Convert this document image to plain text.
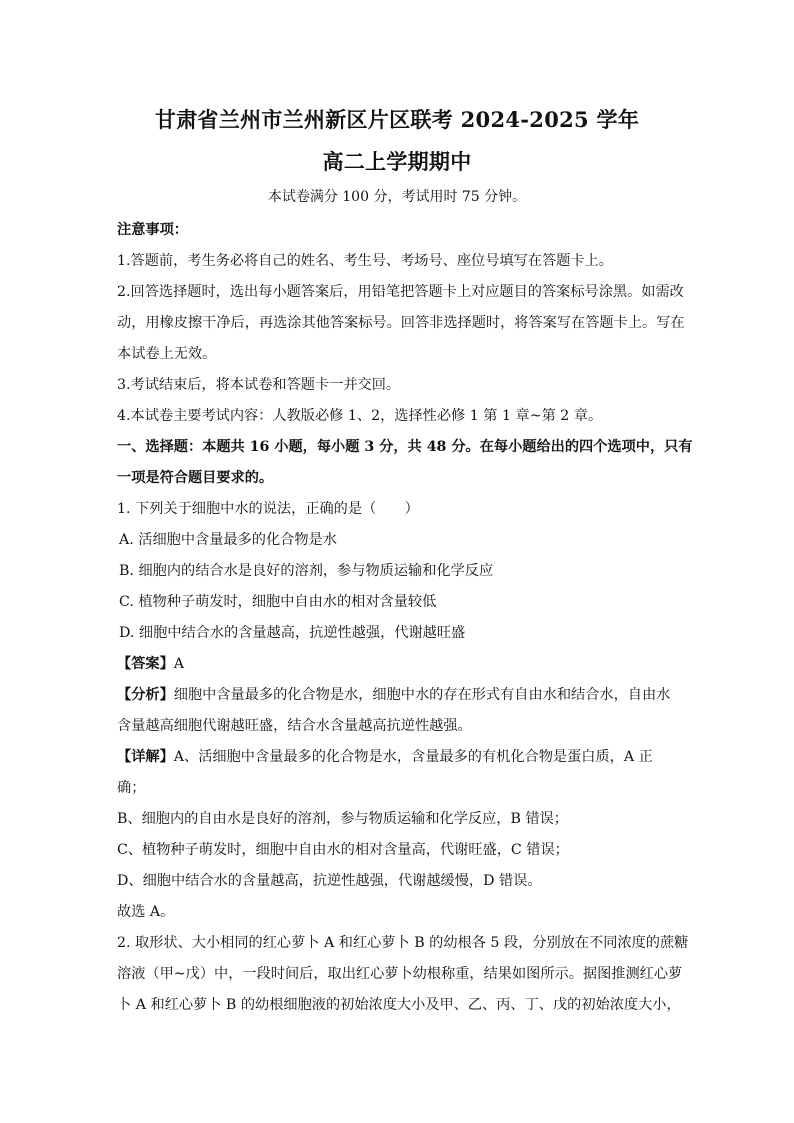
甘肃省兰州市兰州新区片区联考 2024-2025 学年
高二上学期期中
本试卷满分 100 分，考试用时 75 分钟。

注意事项：

1.答题前，考生务必将自己的姓名、考生号、考场号、座位号填写在答题卡上。

2.回答选择题时，选出每小题答案后，用铅笔把答题卡上对应题目的答案标号涂黑。如需改

动，用橡皮擦干净后，再选涂其他答案标号。回答非选择题时，将答案写在答题卡上。写在

本试卷上无效。

3.考试结束后，将本试卷和答题卡一并交回。

4.本试卷主要考试内容：人教版必修 1、2，选择性必修 1 第 1 章~第 2 章。

一、选择题：本题共 16 小题，每小题 3 分，共 48 分。在每小题给出的四个选项中，只有

一项是符合题目要求的。

1. 下列关于细胞中水的说法，正确的是（　　）

A. 活细胞中含量最多的化合物是水

B. 细胞内的结合水是良好的溶剂，参与物质运输和化学反应

C. 植物种子萌发时，细胞中自由水的相对含量较低

D. 细胞中结合水的含量越高，抗逆性越强，代谢越旺盛

【答案】A

【分析】细胞中含量最多的化合物是水，细胞中水的存在形式有自由水和结合水，自由水

含量越高细胞代谢越旺盛，结合水含量越高抗逆性越强。

【详解】A、活细胞中含量最多的化合物是水，含量最多的有机化合物是蛋白质，A 正

确；

B、细胞内的自由水是良好的溶剂，参与物质运输和化学反应，B 错误；

C、植物种子萌发时，细胞中自由水的相对含量高，代谢旺盛，C 错误；

D、细胞中结合水的含量越高，抗逆性越强，代谢越缓慢，D 错误。

故选 A。

2. 取形状、大小相同的红心萝卜 A 和红心萝卜 B 的幼根各 5 段，分别放在不同浓度的蔗糖

溶液（甲~戊）中，一段时间后，取出红心萝卜幼根称重，结果如图所示。据图推测红心萝

卜 A 和红心萝卜 B 的幼根细胞液的初始浓度大小及甲、乙、丙、丁、戊的初始浓度大小，
